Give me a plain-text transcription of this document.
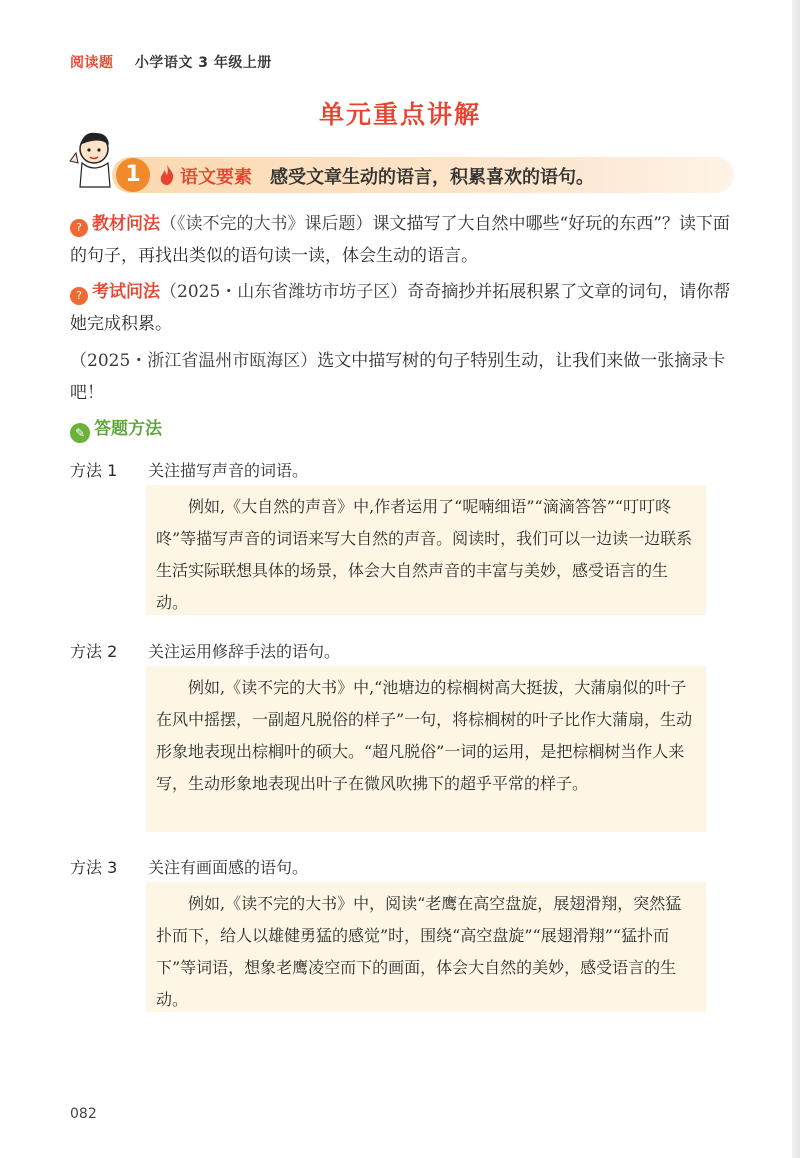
阅读题 小学语文 3 年级上册
单元重点讲解
1	语文要素 感受文章生动的语言，积累喜欢的语句。
? 教材问法（《读不完的大书》课后题）课文描写了大自然中哪些“好玩的东西”？读下面的句子，再找出类似的语句读一读，体会生动的语言。
? 考试问法（2025・山东省潍坊市坊子区）奇奇摘抄并拓展积累了文章的词句，请你帮她完成积累。
（2025・浙江省温州市瓯海区）选文中描写树的句子特别生动，让我们来做一张摘录卡吧！
✎ 答题方法
方法 1 关注描写声音的词语。
例如,《大自然的声音》中,作者运用了“呢喃细语”“滴滴答答”“叮叮咚咚”等描写声音的词语来写大自然的声音。阅读时，我们可以一边读一边联系生活实际联想具体的场景，体会大自然声音的丰富与美妙，感受语言的生动。
方法 2 关注运用修辞手法的语句。
例如,《读不完的大书》中,“池塘边的棕榈树高大挺拔，大蒲扇似的叶子在风中摇摆，一副超凡脱俗的样子”一句，将棕榈树的叶子比作大蒲扇，生动形象地表现出棕榈叶的硕大。“超凡脱俗”一词的运用，是把棕榈树当作人来写，生动形象地表现出叶子在微风吹拂下的超乎平常的样子。
方法 3 关注有画面感的语句。
例如,《读不完的大书》中，阅读“老鹰在高空盘旋，展翅滑翔，突然猛扑而下，给人以雄健勇猛的感觉”时，围绕“高空盘旋”“展翅滑翔”“猛扑而下”等词语，想象老鹰凌空而下的画面，体会大自然的美妙，感受语言的生动。
082
